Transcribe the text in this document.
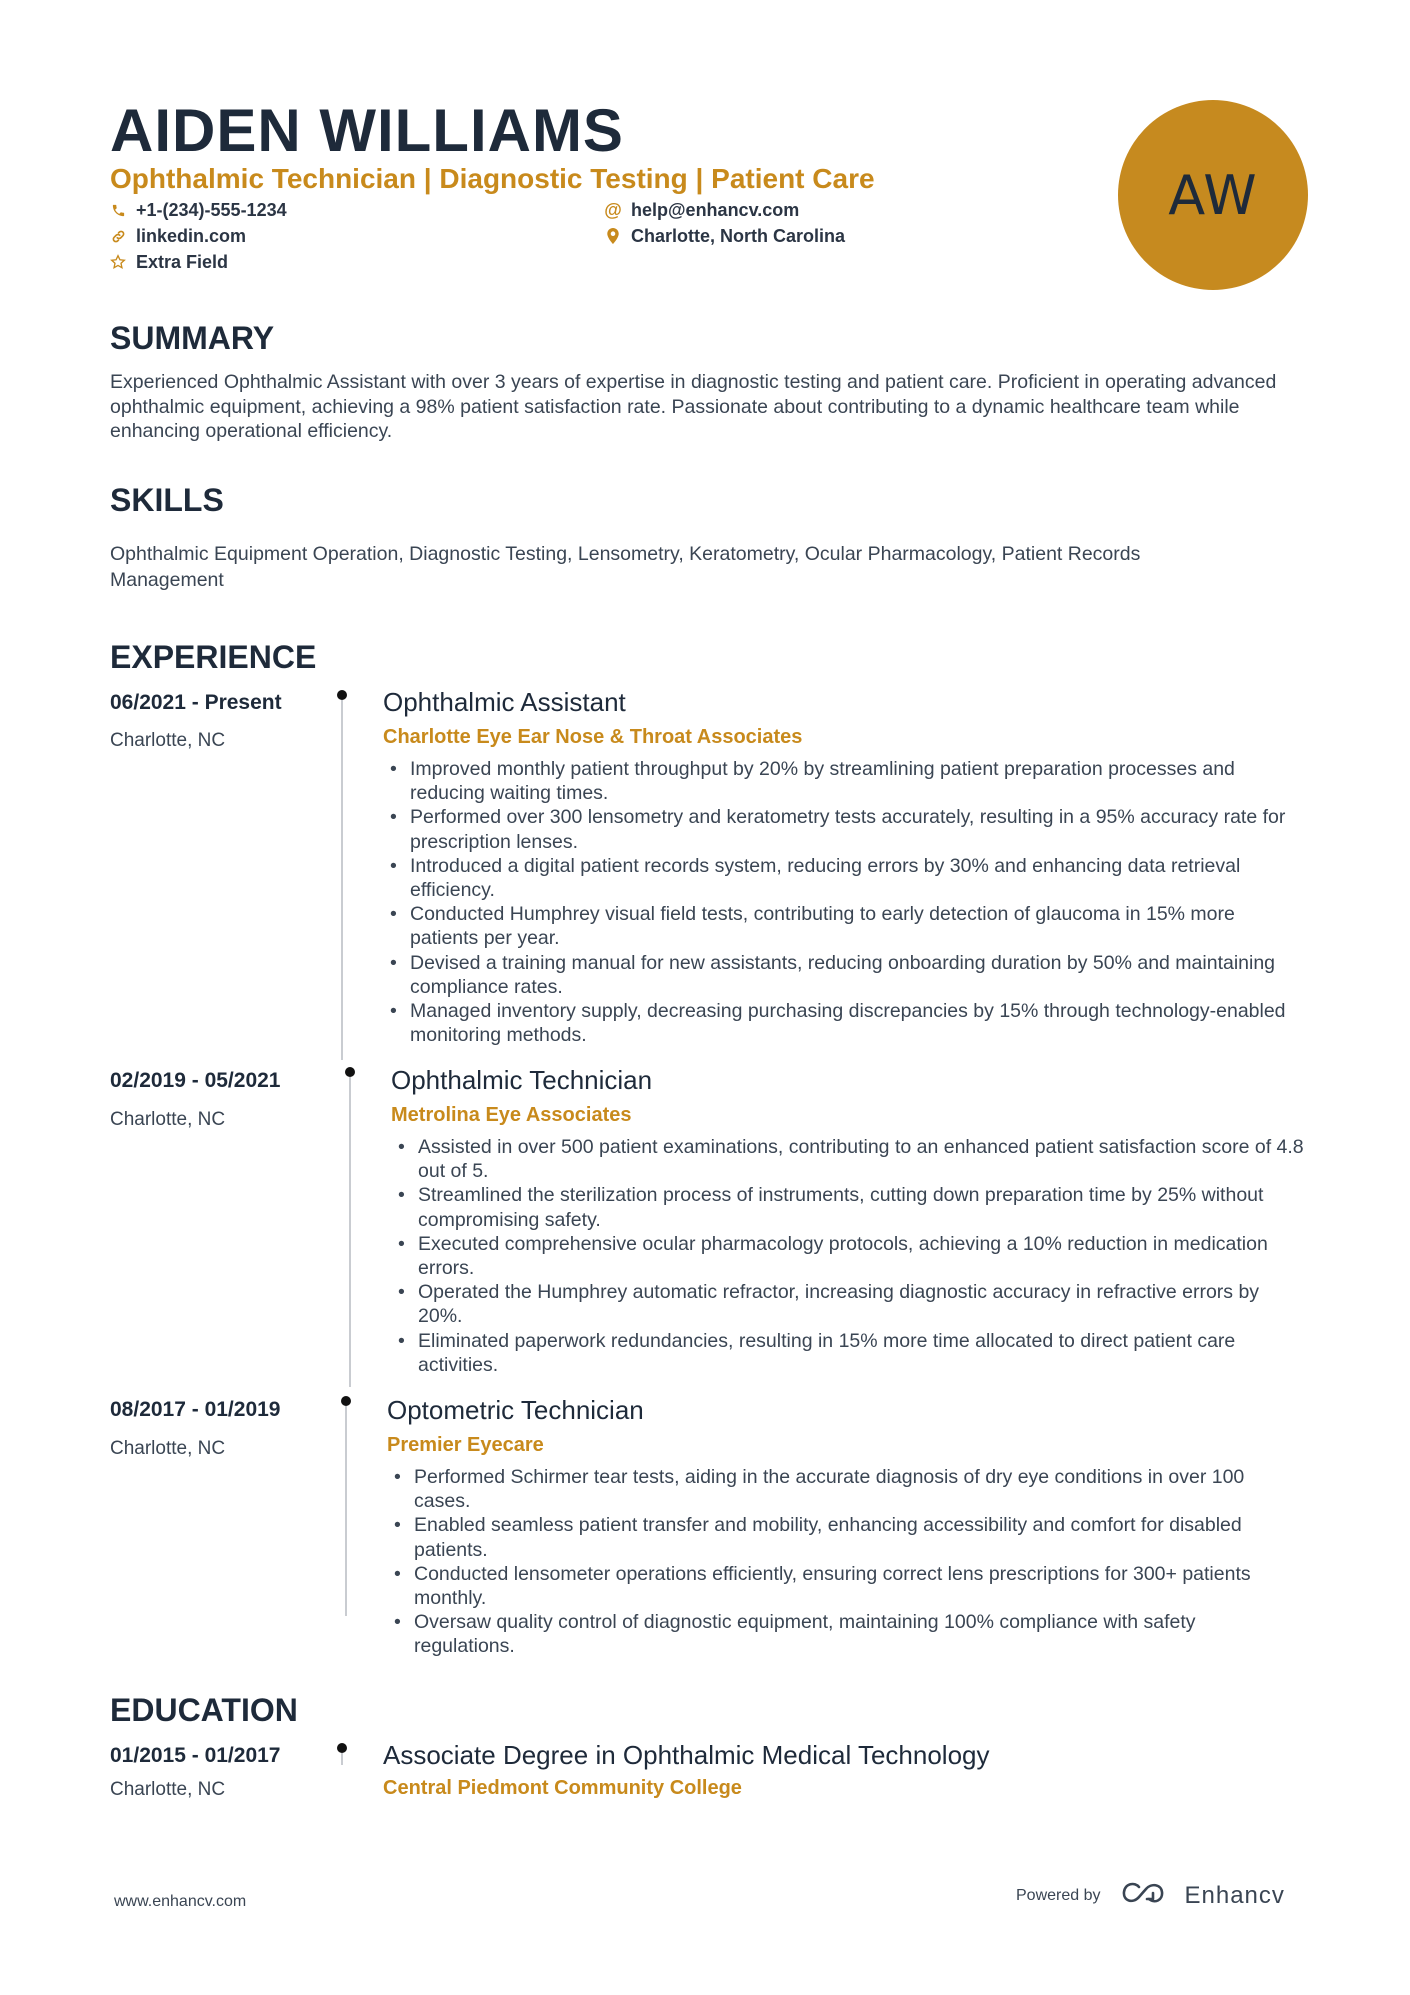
AIDEN WILLIAMS
Ophthalmic Technician | Diagnostic Testing | Patient Care
+1-(234)-555-1234	@ help@enhancv.com
linkedin.com	Charlotte, North Carolina
Extra Field
AW
SUMMARY
Experienced Ophthalmic Assistant with over 3 years of expertise in diagnostic testing and patient care. Proficient in operating advanced ophthalmic equipment, achieving a 98% patient satisfaction rate. Passionate about contributing to a dynamic healthcare team while enhancing operational efficiency.
SKILLS
Ophthalmic Equipment Operation, Diagnostic Testing, Lensometry, Keratometry, Ocular Pharmacology, Patient Records Management
EXPERIENCE
06/2021 - Present
Charlotte, NC
Ophthalmic Assistant
Charlotte Eye Ear Nose & Throat Associates
• Improved monthly patient throughput by 20% by streamlining patient preparation processes and reducing waiting times.
• Performed over 300 lensometry and keratometry tests accurately, resulting in a 95% accuracy rate for prescription lenses.
• Introduced a digital patient records system, reducing errors by 30% and enhancing data retrieval efficiency.
• Conducted Humphrey visual field tests, contributing to early detection of glaucoma in 15% more patients per year.
• Devised a training manual for new assistants, reducing onboarding duration by 50% and maintaining compliance rates.
• Managed inventory supply, decreasing purchasing discrepancies by 15% through technology-enabled monitoring methods.
02/2019 - 05/2021
Charlotte, NC
Ophthalmic Technician
Metrolina Eye Associates
• Assisted in over 500 patient examinations, contributing to an enhanced patient satisfaction score of 4.8 out of 5.
• Streamlined the sterilization process of instruments, cutting down preparation time by 25% without compromising safety.
• Executed comprehensive ocular pharmacology protocols, achieving a 10% reduction in medication errors.
• Operated the Humphrey automatic refractor, increasing diagnostic accuracy in refractive errors by 20%.
• Eliminated paperwork redundancies, resulting in 15% more time allocated to direct patient care activities.
08/2017 - 01/2019
Charlotte, NC
Optometric Technician
Premier Eyecare
• Performed Schirmer tear tests, aiding in the accurate diagnosis of dry eye conditions in over 100 cases.
• Enabled seamless patient transfer and mobility, enhancing accessibility and comfort for disabled patients.
• Conducted lensometer operations efficiently, ensuring correct lens prescriptions for 300+ patients monthly.
• Oversaw quality control of diagnostic equipment, maintaining 100% compliance with safety regulations.
EDUCATION
01/2015 - 01/2017
Charlotte, NC
Associate Degree in Ophthalmic Medical Technology
Central Piedmont Community College
www.enhancv.com	Powered by	Enhancv
